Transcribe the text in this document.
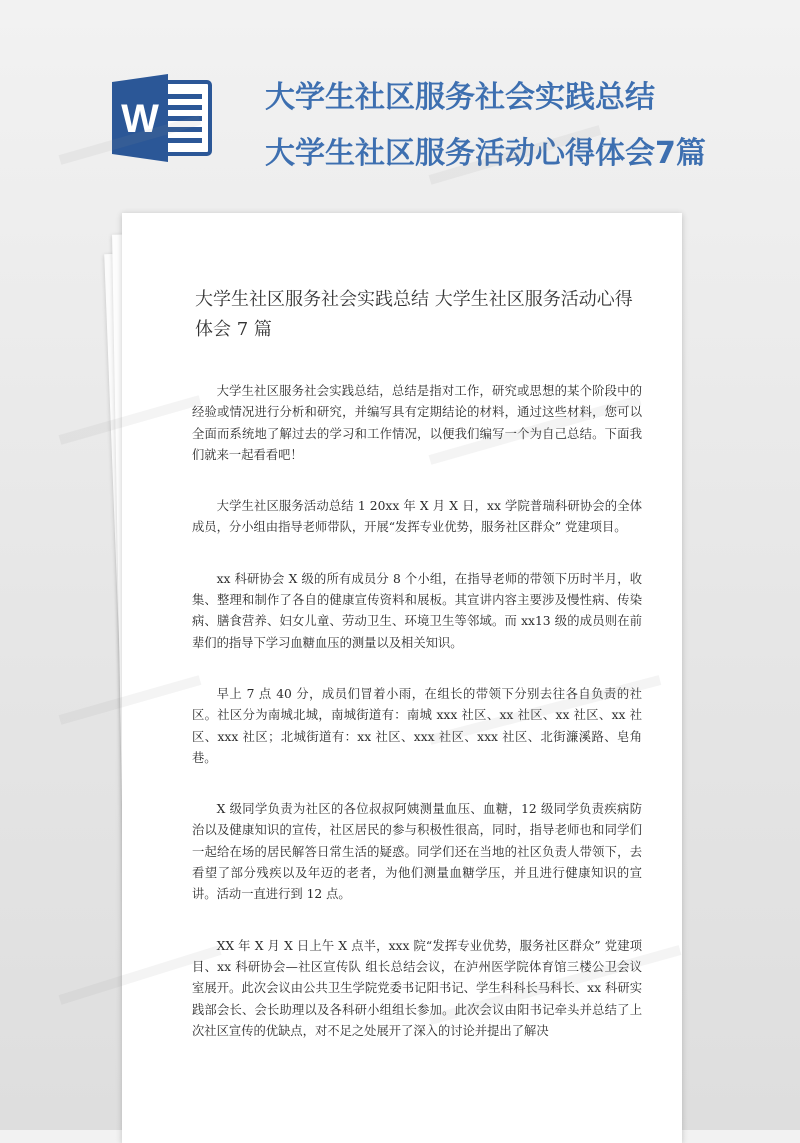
W	大学生社区服务社会实践总结
大学生社区服务活动心得体会7篇
大学生社区服务社会实践总结 大学生社区服务活动心得体会 7 篇

大学生社区服务社会实践总结，总结是指对工作，研究或思想的某个阶段中的经验或情况进行分析和研究，并编写具有定期结论的材料，通过这些材料，您可以全面而系统地了解过去的学习和工作情况，以便我们编写一个为自己总结。下面我们就来一起看看吧！

大学生社区服务活动总结 1 20xx 年 X 月 X 日，xx 学院普瑞科研协会的全体成员，分小组由指导老师带队，开展“发挥专业优势，服务社区群众” 党建项目。

xx 科研协会 X 级的所有成员分 8 个小组，在指导老师的带领下历时半月，收集、整理和制作了各自的健康宣传资料和展板。其宣讲内容主要涉及慢性病、传染病、膳食营养、妇女儿童、劳动卫生、环境卫生等邻域。而 xx13 级的成员则在前辈们的指导下学习血糖血压的测量以及相关知识。

早上 7 点 40 分，成员们冒着小雨，在组长的带领下分别去往各自负责的社区。社区分为南城北城，南城街道有：南城 xxx 社区、xx 社区、xx 社区、xx 社区、xxx 社区；北城街道有：xx 社区、xxx 社区、xxx 社区、北街濂溪路、皂角巷。

X 级同学负责为社区的各位叔叔阿姨测量血压、血糖，12 级同学负责疾病防治以及健康知识的宣传，社区居民的参与积极性很高，同时，指导老师也和同学们一起给在场的居民解答日常生活的疑惑。同学们还在当地的社区负责人带领下，去看望了部分残疾以及年迈的老者，为他们测量血糖学压，并且进行健康知识的宣讲。活动一直进行到 12 点。

XX 年 X 月 X 日上午 X 点半，xxx 院“发挥专业优势，服务社区群众” 党建项目、xx 科研协会—社区宣传队 组长总结会议，在泸州医学院体育馆三楼公卫会议室展开。此次会议由公共卫生学院党委书记阳书记、学生科科长马科长、xx 科研实践部会长、会长助理以及各科研小组组长参加。此次会议由阳书记牵头并总结了上次社区宣传的优缺点，对不足之处展开了深入的讨论并提出了解决
